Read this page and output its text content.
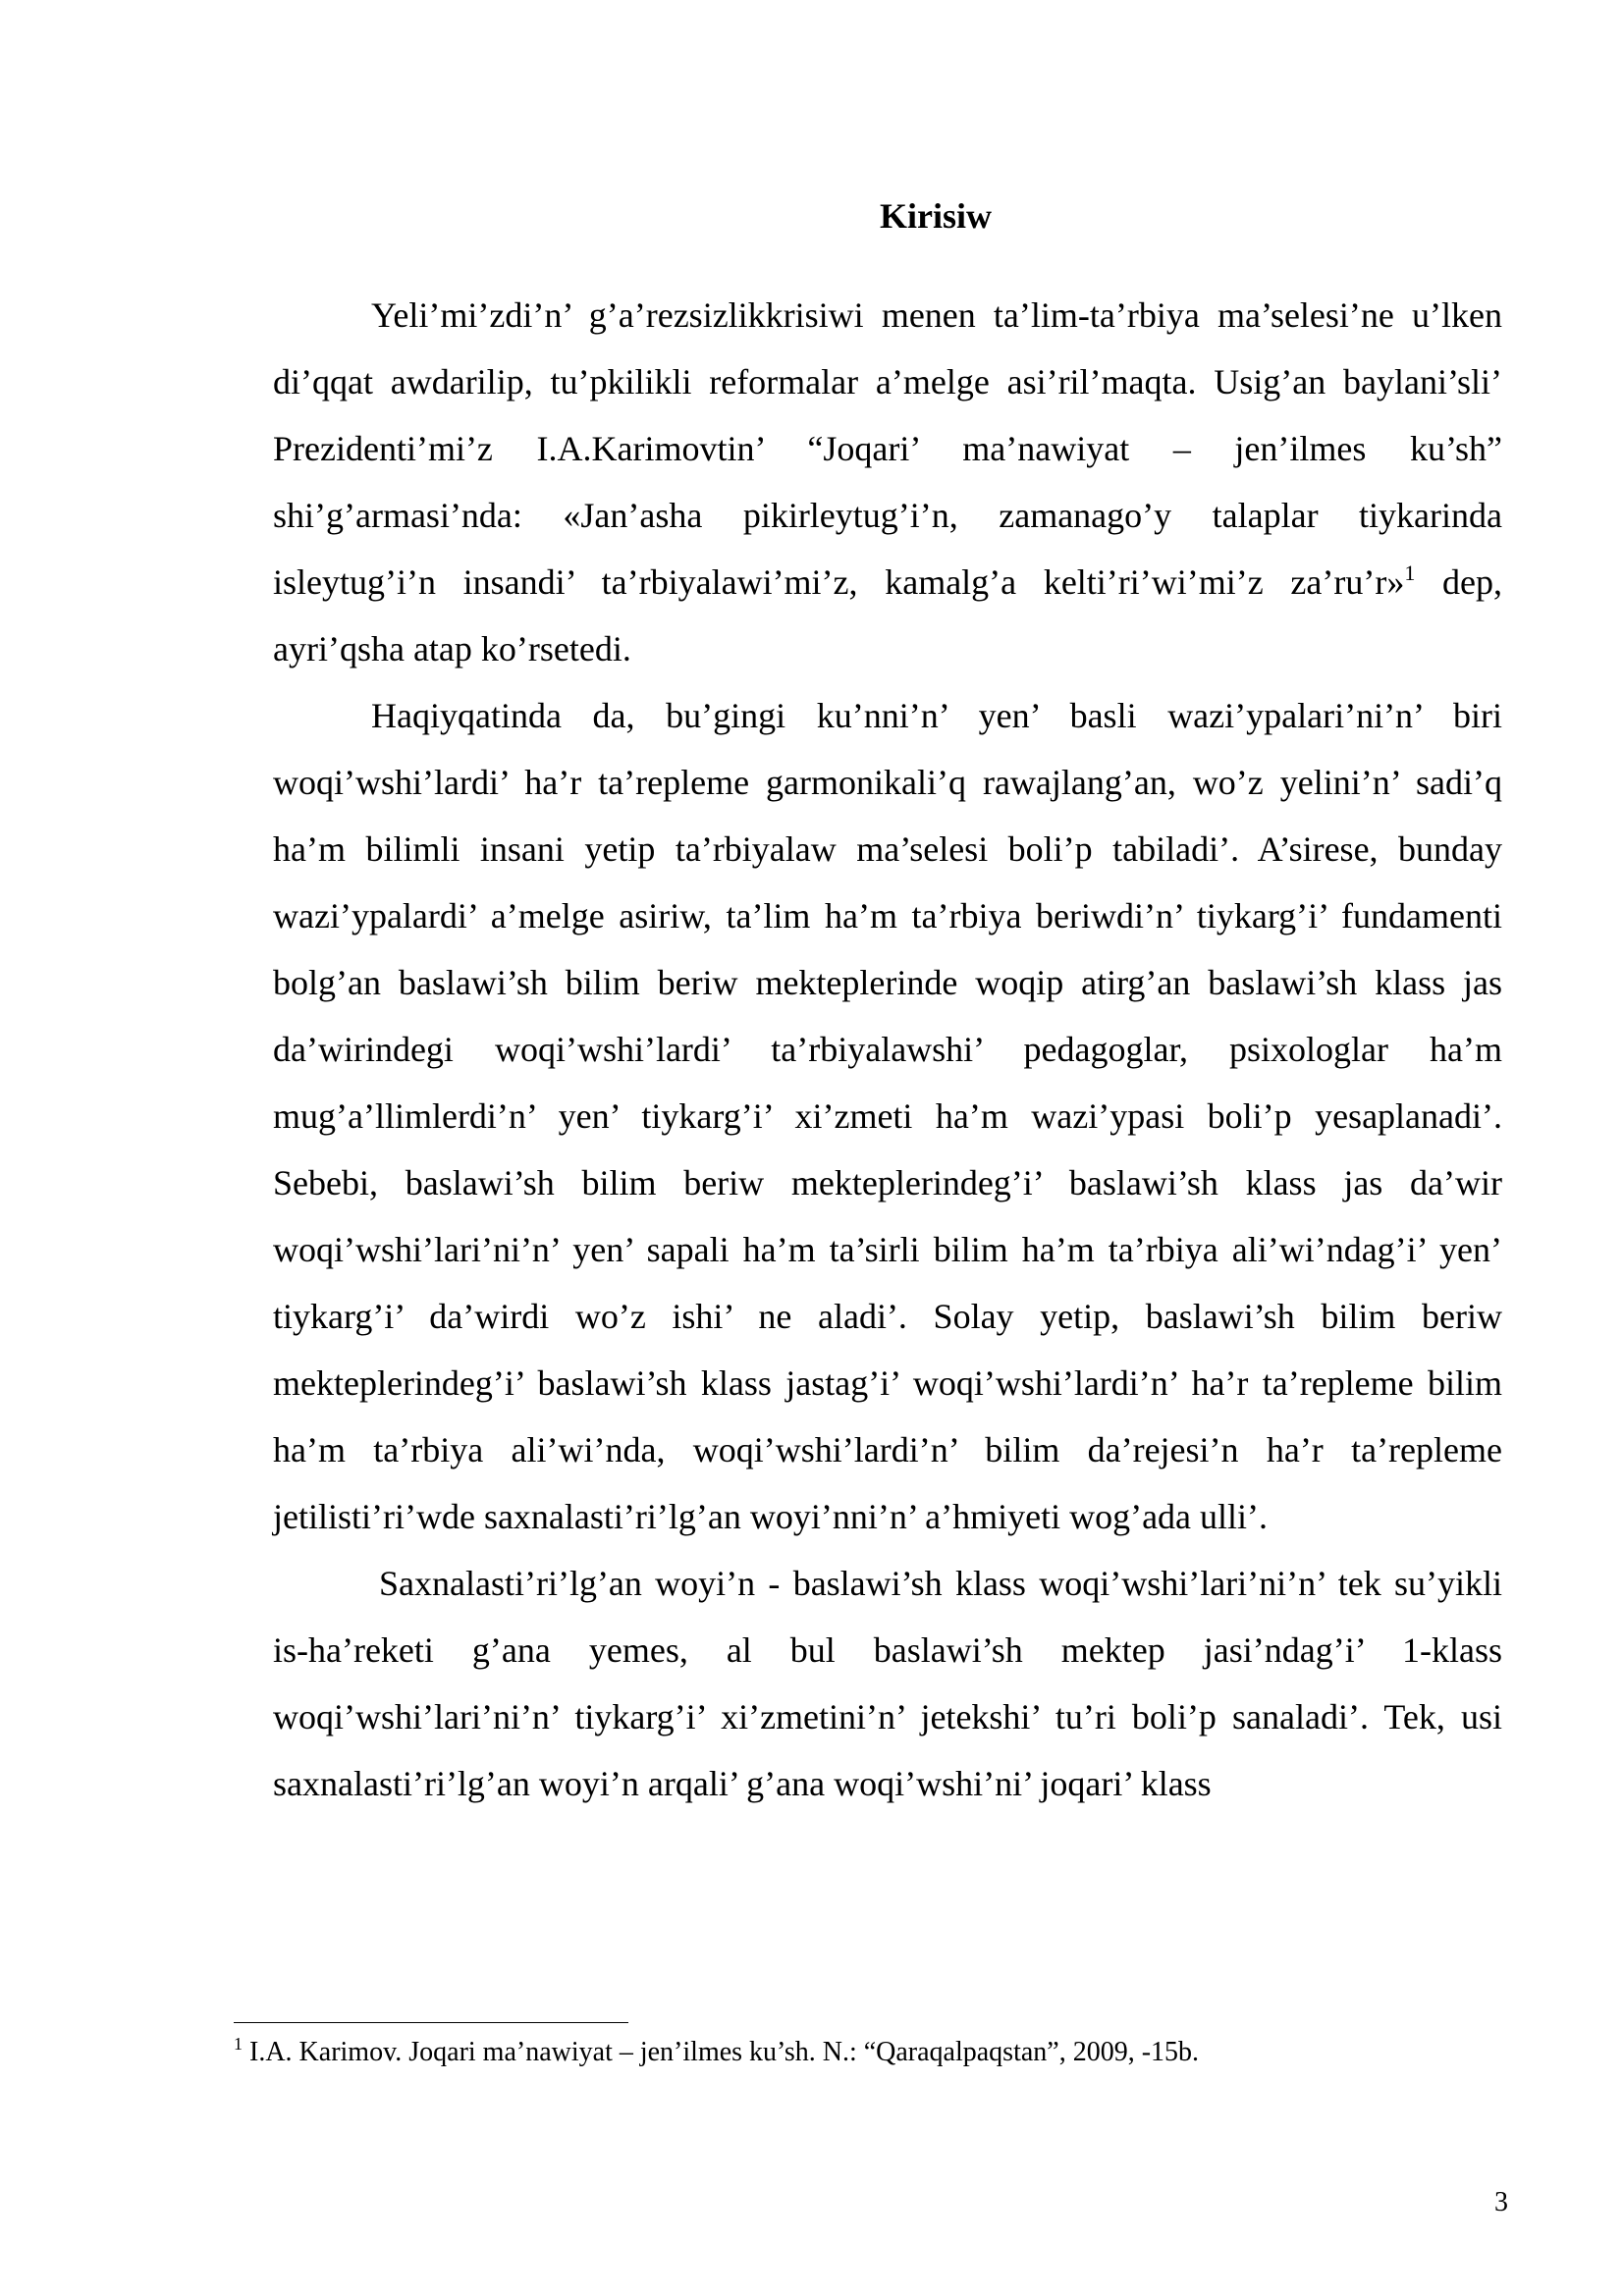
Kirisiw

Yeli’mi’zdi’n’ g’a’rezsizlikkrisiwi menen ta’lim-ta’rbiya ma’selesi’ne u’lken di’qqat awdarilip, tu’pkilikli reformalar a’melge asi’ril’maqta. Usig’an baylani’sli’ Prezidenti’mi’z I.A.Karimovtin’ “Joqari’ ma’nawiyat – jen’ilmes ku’sh” shi’g’armasi’nda: «Jan’asha pikirleytug’i’n, zamanago’y talaplar tiykarinda isleytug’i’n insandi’ ta’rbiyalawi’mi’z, kamalg’a kelti’ri’wi’mi’z za’ru’r»$^1$ dep, ayri’qsha atap ko’rsetedi.

Haqiyqatinda da, bu’gingi ku’nni’n’ yen’ basli wazi’ypalari’ni’n’ biri woqi’wshi’lardi’ ha’r ta’repleme garmonikali’q rawajlang’an, wo’z yelini’n’ sadi’q ha’m bilimli insani yetip ta’rbiyalaw ma’selesi boli’p tabiladi’. A’sirese, bunday wazi’ypalardi’ a’melge asiriw, ta’lim ha’m ta’rbiya beriwdi’n’ tiykarg’i’ fundamenti bolg’an baslawi’sh bilim beriw mekteplerinde woqip atirg’an baslawi’sh klass jas da’wirindegi woqi’wshi’lardi’ ta’rbiyalawshi’ pedagoglar, psixologlar ha’m mug’a’llimlerdi’n’ yen’ tiykarg’i’ xi’zmeti ha’m wazi’ypasi boli’p yesaplanadi’. Sebebi, baslawi’sh bilim beriw mekteplerindeg’i’ baslawi’sh klass jas da’wir woqi’wshi’lari’ni’n’ yen’ sapali ha’m ta’sirli bilim ha’m ta’rbiya ali’wi’ndag’i’ yen’ tiykarg’i’ da’wirdi wo’z ishi’ ne aladi’. Solay yetip, baslawi’sh bilim beriw mekteplerindeg’i’ baslawi’sh klass jastag’i’ woqi’wshi’lardi’n’ ha’r ta’repleme bilim ha’m ta’rbiya ali’wi’nda, woqi’wshi’lardi’n’ bilim da’rejesi’n ha’r ta’repleme jetilisti’ri’wde saxnalasti’ri’lg’an woyi’nni’n’ a’hmiyeti wog’ada ulli’.

Saxnalasti’ri’lg’an woyi’n - baslawi’sh klass woqi’wshi’lari’ni’n’ tek su’yikli is-ha’reketi g’ana yemes, al bul baslawi’sh mektep jasi’ndag’i’ 1-klass woqi’wshi’lari’ni’n’ tiykarg’i’ xi’zmetini’n’ jetekshi’ tu’ri boli’p sanaladi’. Tek, usi saxnalasti’ri’lg’an woyi’n arqali’ g’ana woqi’wshi’ni’ joqari’ klass

$^1$ I.A. Karimov. Joqari ma’nawiyat – jen’ilmes ku’sh. N.: “Qaraqalpaqstan”, 2009, -15b.
3
